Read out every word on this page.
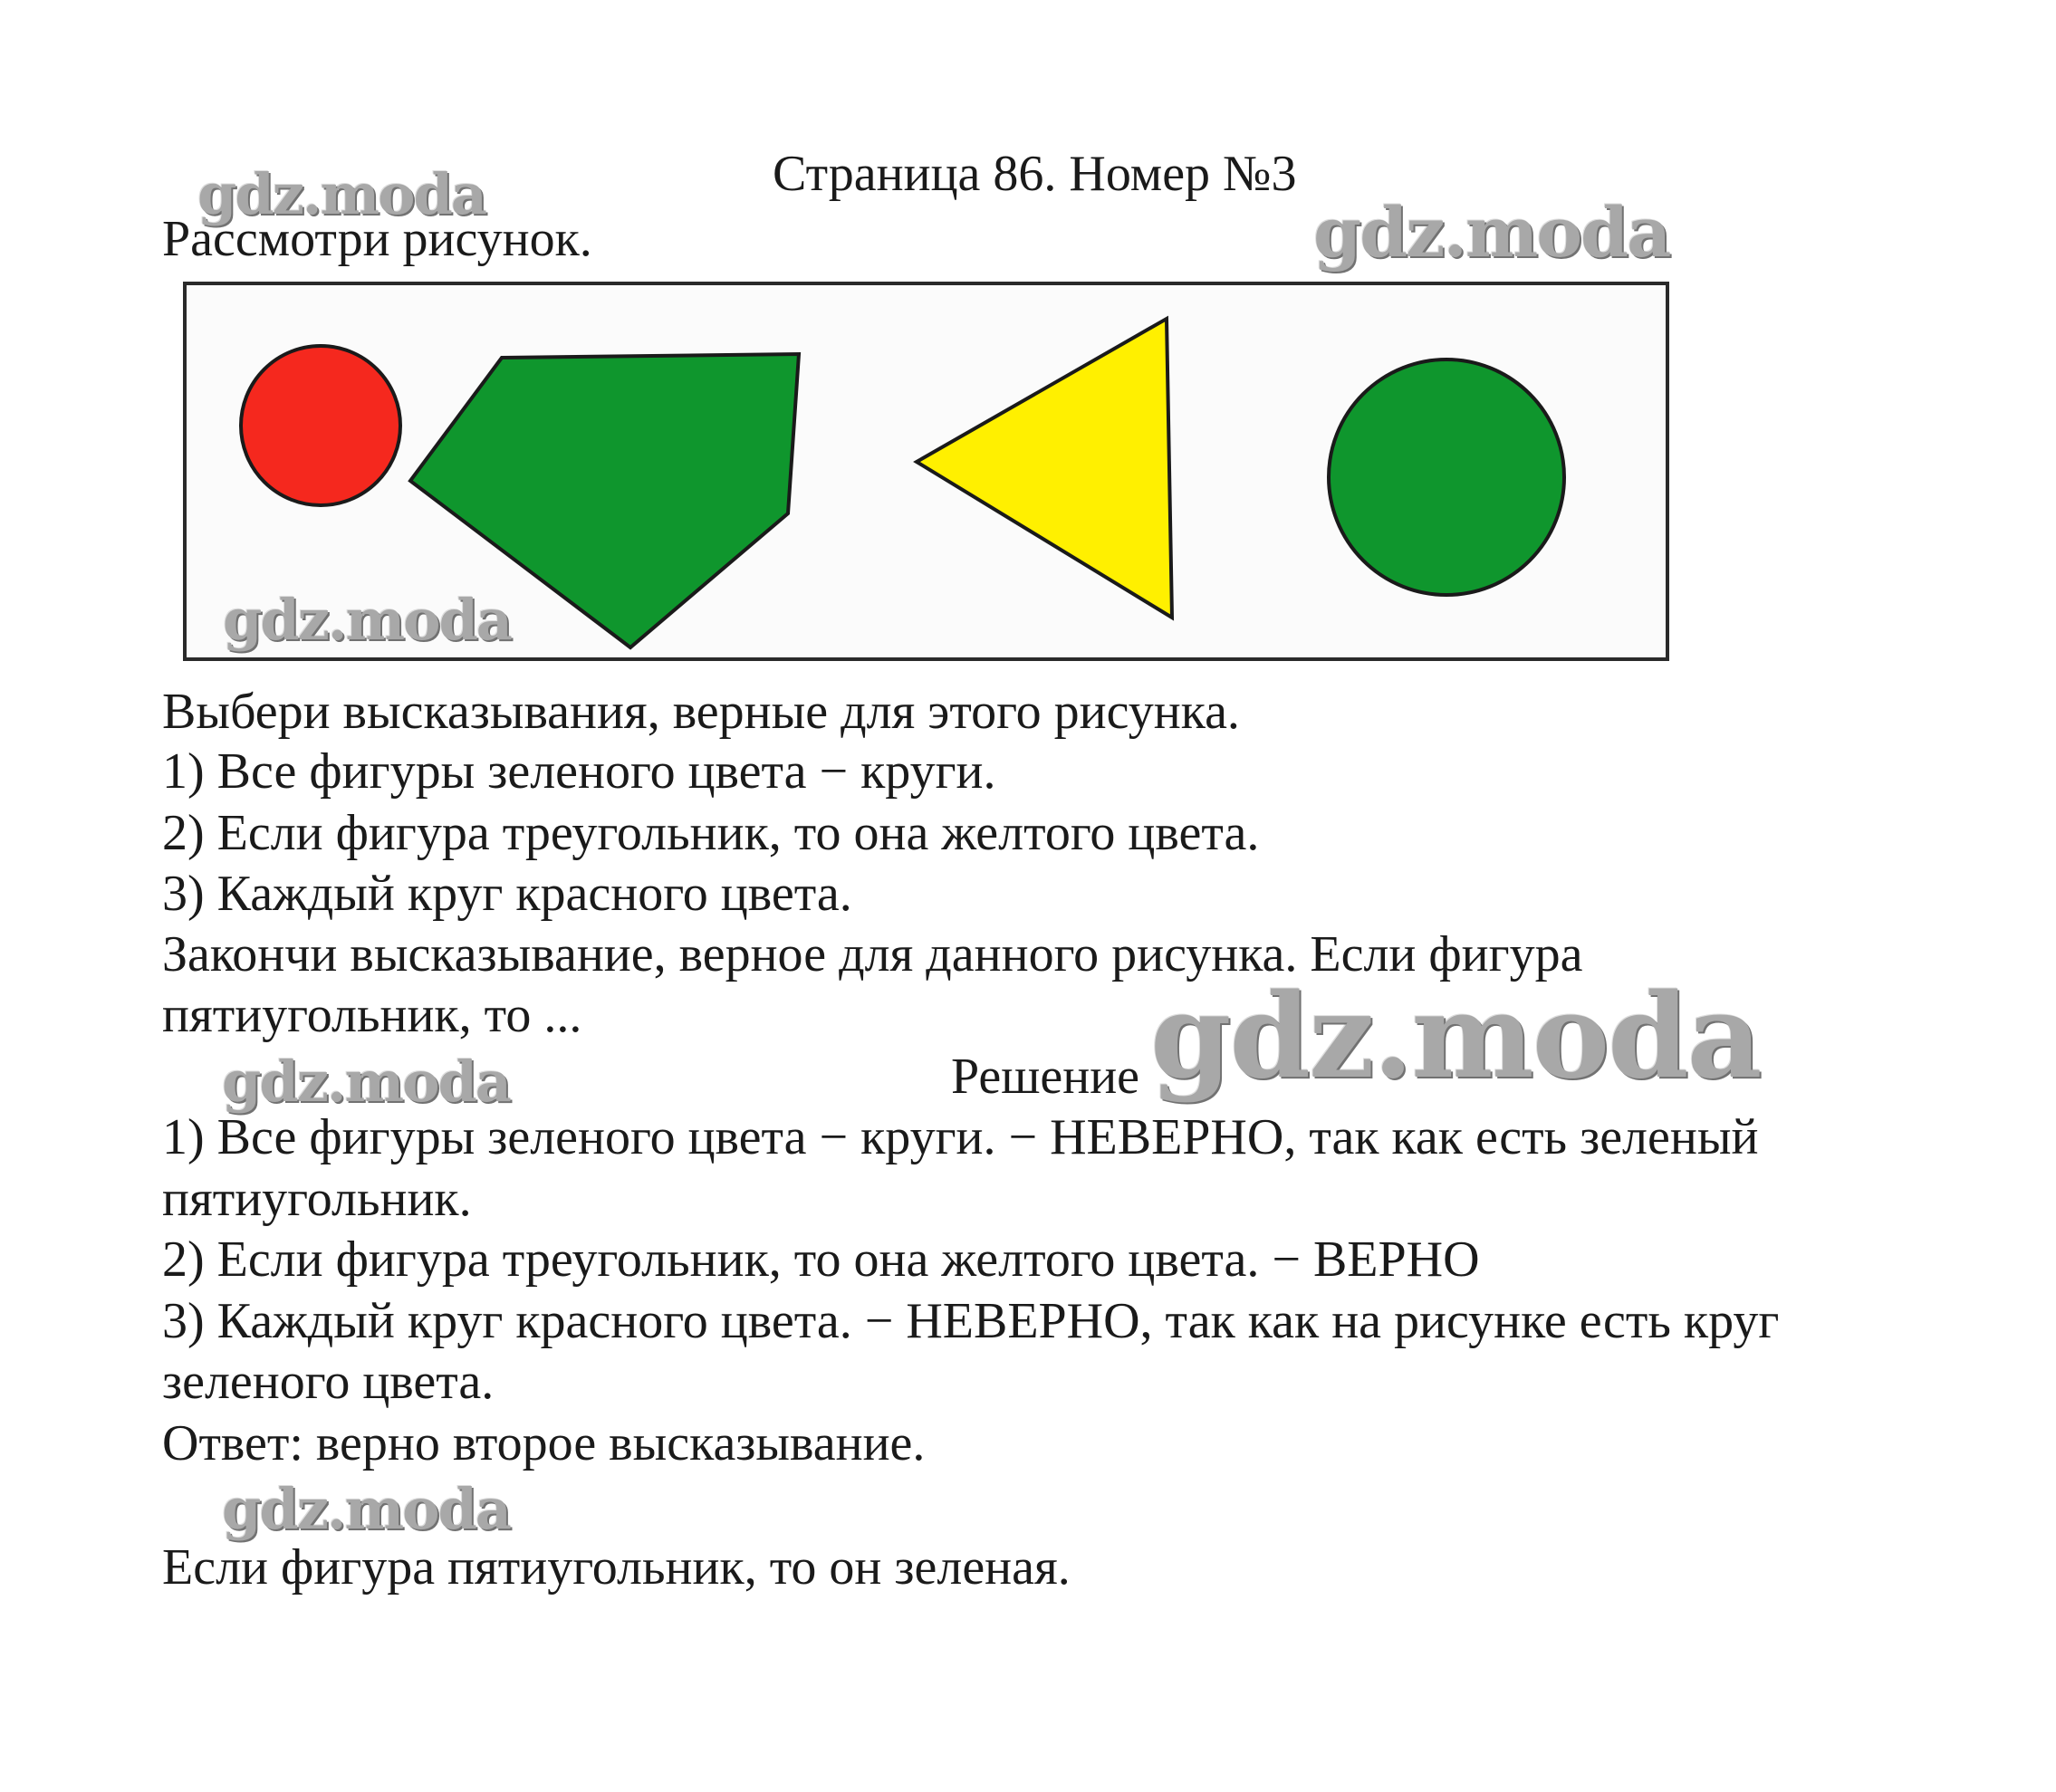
gdz.moda	gdz.moda
Страница 86. Номер №3
Рассмотри рисунок.
gdz.moda
Выбери высказывания, верные для этого рисунка.
1) Все фигуры зеленого цвета − круги.
2) Если фигура треугольник, то она желтого цвета.
3) Каждый круг красного цвета.
Закончи высказывание, верное для данного рисунка. Если фигура
пятиугольник, то ...
gdz.moda	Решение gdz.moda
1) Все фигуры зеленого цвета − круги. − НЕВЕРНО, так как есть зеленый
пятиугольник.
2) Если фигура треугольник, то она желтого цвета. − ВЕРНО
3) Каждый круг красного цвета. − НЕВЕРНО, так как на рисунке есть круг
зеленого цвета.
Ответ: верно второе высказывание.
gdz.moda
Если фигура пятиугольник, то он зеленая.
